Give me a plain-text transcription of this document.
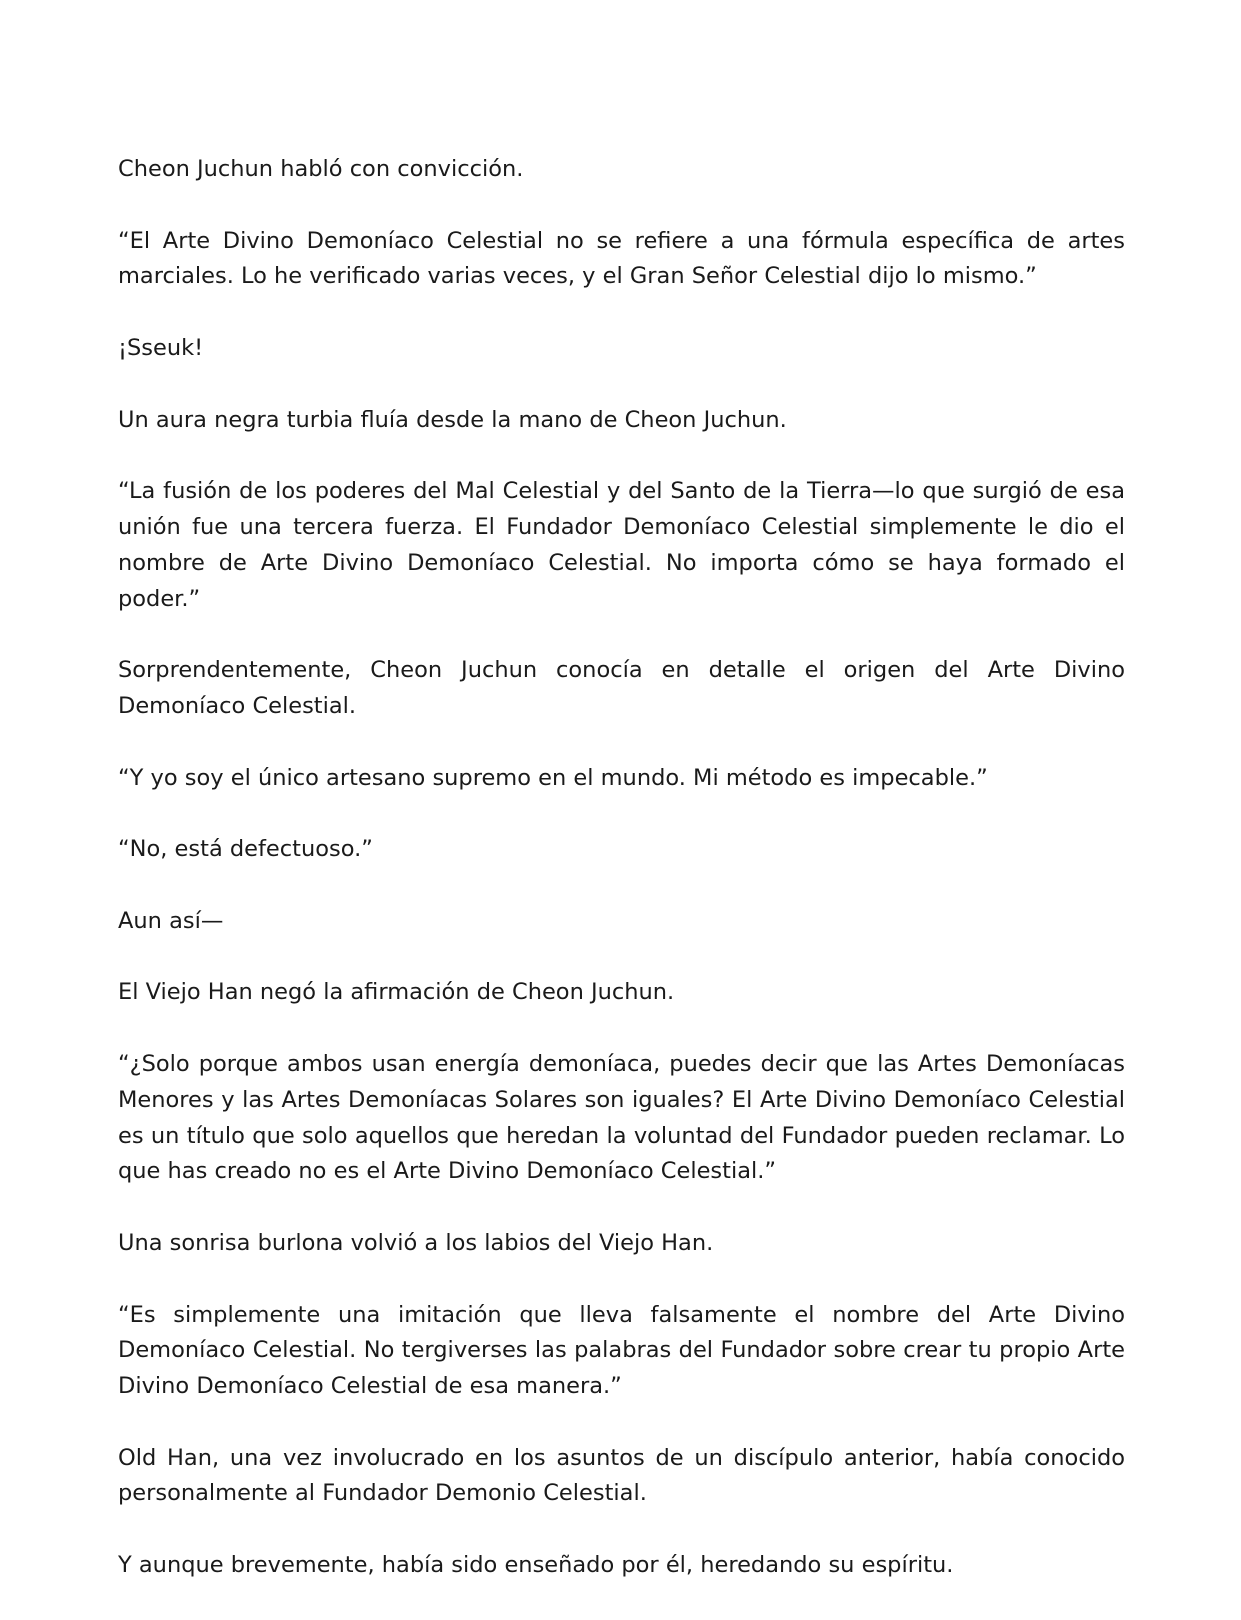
Cheon Juchun habló con convicción.

“El Arte Divino Demoníaco Celestial no se refiere a una fórmula específica de artes marciales. Lo he verificado varias veces, y el Gran Señor Celestial dijo lo mismo.”

¡Sseuk!

Un aura negra turbia fluía desde la mano de Cheon Juchun.

“La fusión de los poderes del Mal Celestial y del Santo de la Tierra—lo que surgió de esa unión fue una tercera fuerza. El Fundador Demoníaco Celestial simplemente le dio el nombre de Arte Divino Demoníaco Celestial. No importa cómo se haya formado el poder.”

Sorprendentemente, Cheon Juchun conocía en detalle el origen del Arte Divino Demoníaco Celestial.

“Y yo soy el único artesano supremo en el mundo. Mi método es impecable.”

“No, está defectuoso.”

Aun así—

El Viejo Han negó la afirmación de Cheon Juchun.

“¿Solo porque ambos usan energía demoníaca, puedes decir que las Artes Demoníacas Menores y las Artes Demoníacas Solares son iguales? El Arte Divino Demoníaco Celestial es un título que solo aquellos que heredan la voluntad del Fundador pueden reclamar. Lo que has creado no es el Arte Divino Demoníaco Celestial.”

Una sonrisa burlona volvió a los labios del Viejo Han.

“Es simplemente una imitación que lleva falsamente el nombre del Arte Divino Demoníaco Celestial. No tergiverses las palabras del Fundador sobre crear tu propio Arte Divino Demoníaco Celestial de esa manera.”

Old Han, una vez involucrado en los asuntos de un discípulo anterior, había conocido personalmente al Fundador Demonio Celestial.

Y aunque brevemente, había sido enseñado por él, heredando su espíritu.
